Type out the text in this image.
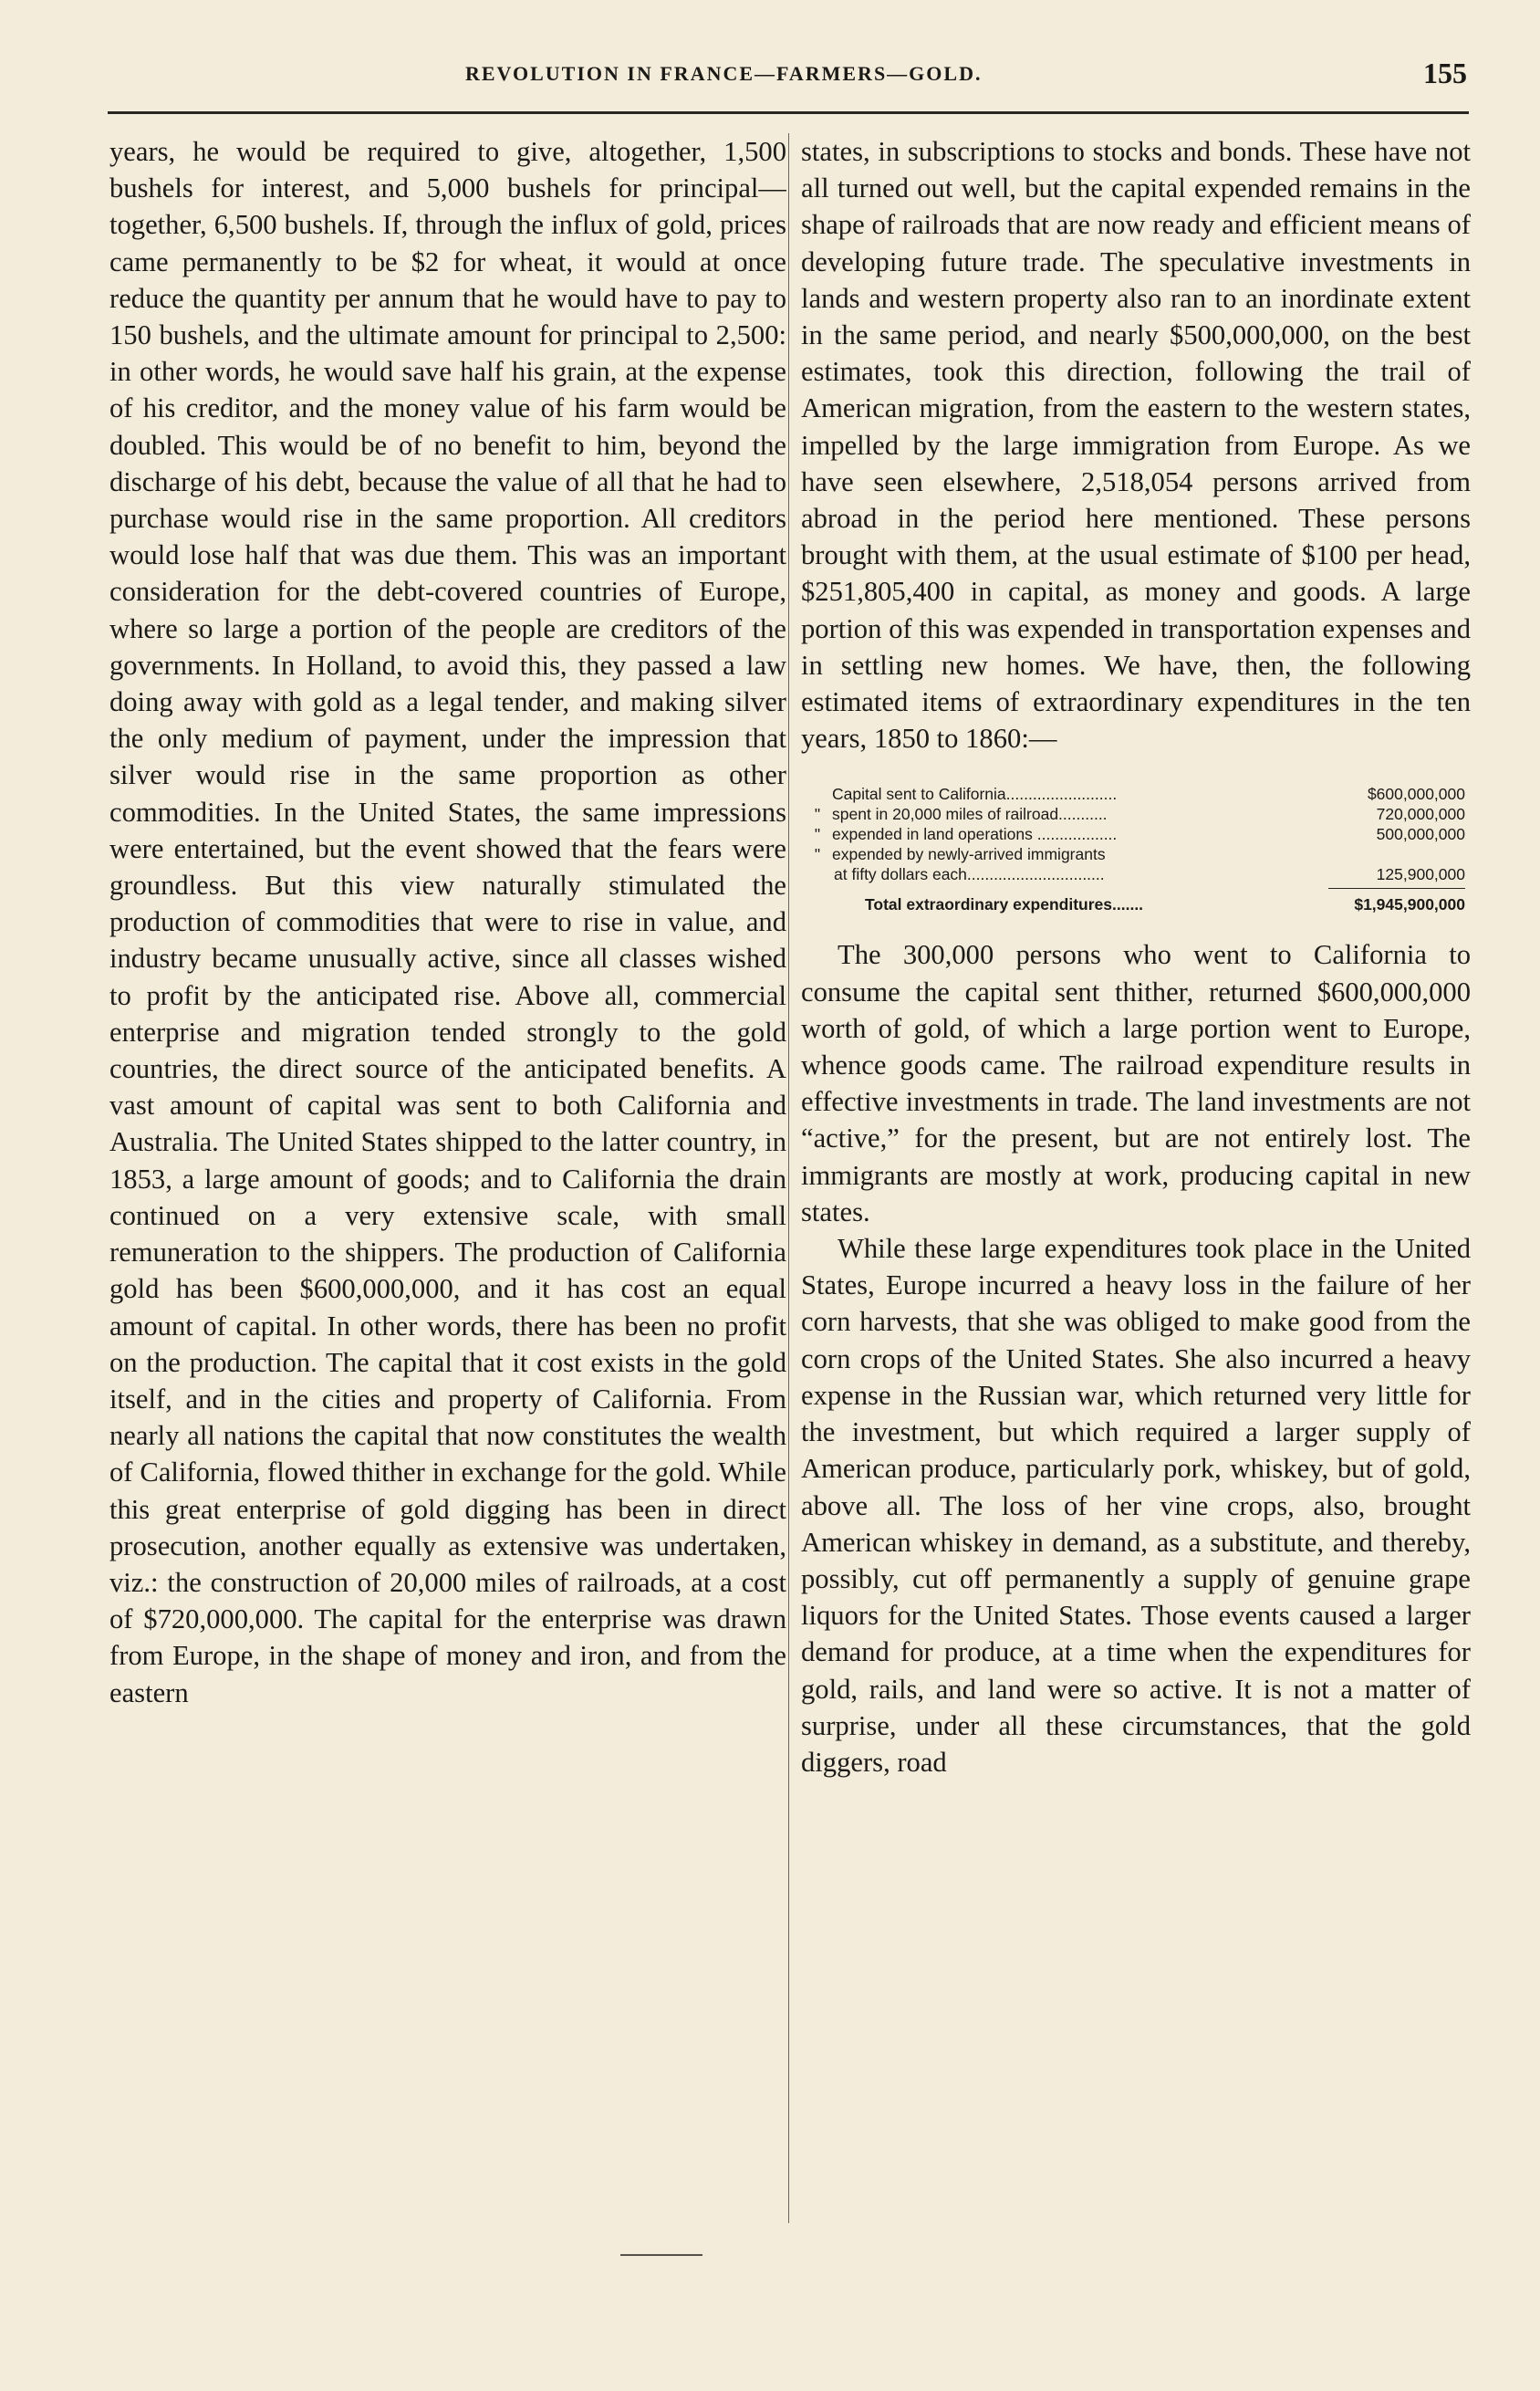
REVOLUTION IN FRANCE—FARMERS—GOLD.	155

years, he would be required to give, altogether, 1,500 bushels for interest, and 5,000 bushels for principal—together, 6,500 bushels. If, through the influx of gold, prices came permanently to be $2 for wheat, it would at once reduce the quantity per annum that he would have to pay to 150 bushels, and the ultimate amount for principal to 2,500: in other words, he would save half his grain, at the expense of his creditor, and the money value of his farm would be doubled. This would be of no benefit to him, beyond the discharge of his debt, because the value of all that he had to purchase would rise in the same proportion. All creditors would lose half that was due them. This was an important consideration for the debt-covered countries of Europe, where so large a portion of the people are creditors of the governments. In Holland, to avoid this, they passed a law doing away with gold as a legal tender, and making silver the only medium of payment, under the impression that silver would rise in the same proportion as other commodities. In the United States, the same impressions were entertained, but the event showed that the fears were groundless. But this view naturally stimulated the production of commodities that were to rise in value, and industry became unusually active, since all classes wished to profit by the anticipated rise. Above all, commercial enterprise and migration tended strongly to the gold countries, the direct source of the anticipated benefits. A vast amount of capital was sent to both California and Australia. The United States shipped to the latter country, in 1853, a large amount of goods; and to California the drain continued on a very extensive scale, with small remuneration to the shippers. The production of California gold has been $600,000,000, and it has cost an equal amount of capital. In other words, there has been no profit on the production. The capital that it cost exists in the gold itself, and in the cities and property of California. From nearly all nations the capital that now constitutes the wealth of California, flowed thither in exchange for the gold. While this great enterprise of gold digging has been in direct prosecution, another equally as extensive was undertaken, viz.: the construction of 20,000 miles of railroads, at a cost of $720,000,000. The capital for the enterprise was drawn from Europe, in the shape of money and iron, and from the eastern

states, in subscriptions to stocks and bonds. These have not all turned out well, but the capital expended remains in the shape of railroads that are now ready and efficient means of developing future trade. The speculative investments in lands and western property also ran to an inordinate extent in the same period, and nearly $500,000,000, on the best estimates, took this direction, following the trail of American migration, from the eastern to the western states, impelled by the large immigration from Europe. As we have seen elsewhere, 2,518,054 persons arrived from abroad in the period here mentioned. These persons brought with them, at the usual estimate of $100 per head, $251,805,400 in capital, as money and goods. A large portion of this was expended in transportation expenses and in settling new homes. We have, then, the following estimated items of extraordinary expenditures in the ten years, 1850 to 1860:—

Capital sent to California.........................	$600,000,000
" spent in 20,000 miles of railroad...........	720,000,000
" expended in land operations ..................	500,000,000
" expended by newly-arrived immigrants
at fifty dollars each...............................	125,900,000
Total extraordinary expenditures.......	$1,945,900,000

The 300,000 persons who went to California to consume the capital sent thither, returned $600,000,000 worth of gold, of which a large portion went to Europe, whence goods came. The railroad expenditure results in effective investments in trade. The land investments are not “active,” for the present, but are not entirely lost. The immigrants are mostly at work, producing capital in new states.

While these large expenditures took place in the United States, Europe incurred a heavy loss in the failure of her corn harvests, that she was obliged to make good from the corn crops of the United States. She also incurred a heavy expense in the Russian war, which returned very little for the investment, but which required a larger supply of American produce, particularly pork, whiskey, but of gold, above all. The loss of her vine crops, also, brought American whiskey in demand, as a substitute, and thereby, possibly, cut off permanently a supply of genuine grape liquors for the United States. Those events caused a larger demand for produce, at a time when the expenditures for gold, rails, and land were so active. It is not a matter of surprise, under all these circumstances, that the gold diggers, road
